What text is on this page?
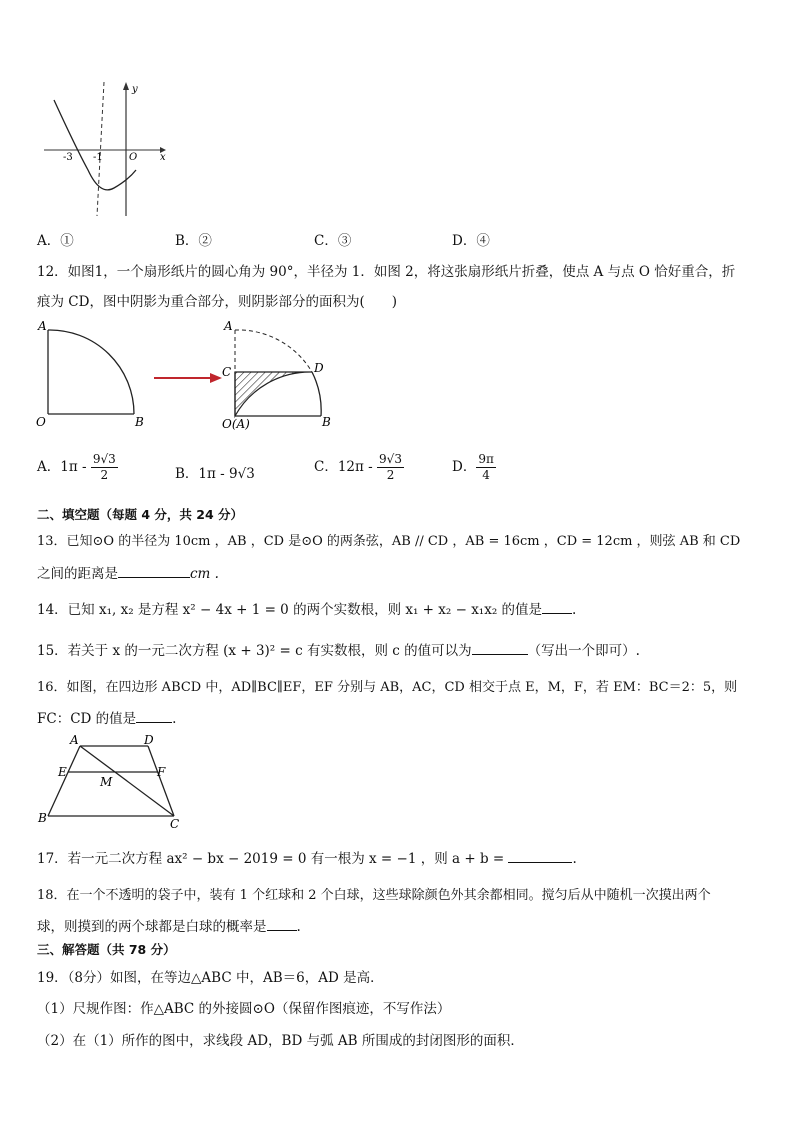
y
x
-3 -1	O
A．①	B．②	C．③	D．④
12．如图1，一个扇形纸片的圆心角为 90°，半径为 1．如图 2，将这张扇形纸片折叠，使点 A 与点 O 恰好重合，折
痕为 CD，图中阴影为重合部分，则阴影部分的面积为(　　)
A
O	B
A
C	D
O(A)	B
A．$1\pi - \frac{9√3}{2}$	B．1π - 9√3	C．$12\pi - \frac{9√3}{2}$	D． $\frac{9\pi}{4}$
二、填空题（每题 4 分，共 24 分）
13．已知⊙O 的半径为 10cm ，AB ，CD 是⊙O 的两条弦，AB // CD ，AB = 16cm ，CD = 12cm ，则弦 AB 和 CD
之间的距离是	cm .
14．已知 x₁, x₂ 是方程 x² − 4x + 1 = 0 的两个实数根，则 x₁ + x₂ − x₁x₂ 的值是 .
15．若关于 x 的一元二次方程 (x + 3)² = c 有实数根，则 c 的值可以为	（写出一个即可）.
16．如图，在四边形 ABCD 中，AD∥BC∥EF，EF 分别与 AB，AC，CD 相交于点 E，M，F，若 EM：BC＝2：5，则
FC：CD 的值是	.
A	D
E	F
M
B	C
17．若一元二次方程 ax² − bx − 2019 = 0 有一根为 x = −1 ，则 a + b =	.
18．在一个不透明的袋子中，装有 1 个红球和 2 个白球，这些球除颜色外其余都相同。搅匀后从中随机一次摸出两个
球，则摸到的两个球都是白球的概率是 .
三、解答题（共 78 分）
19．（8分）如图，在等边△ABC 中，AB＝6，AD 是高．
（1）尺规作图：作△ABC 的外接圆⊙O（保留作图痕迹，不写作法）
（2）在（1）所作的图中，求线段 AD，BD 与弧 AB 所围成的封闭图形的面积．
